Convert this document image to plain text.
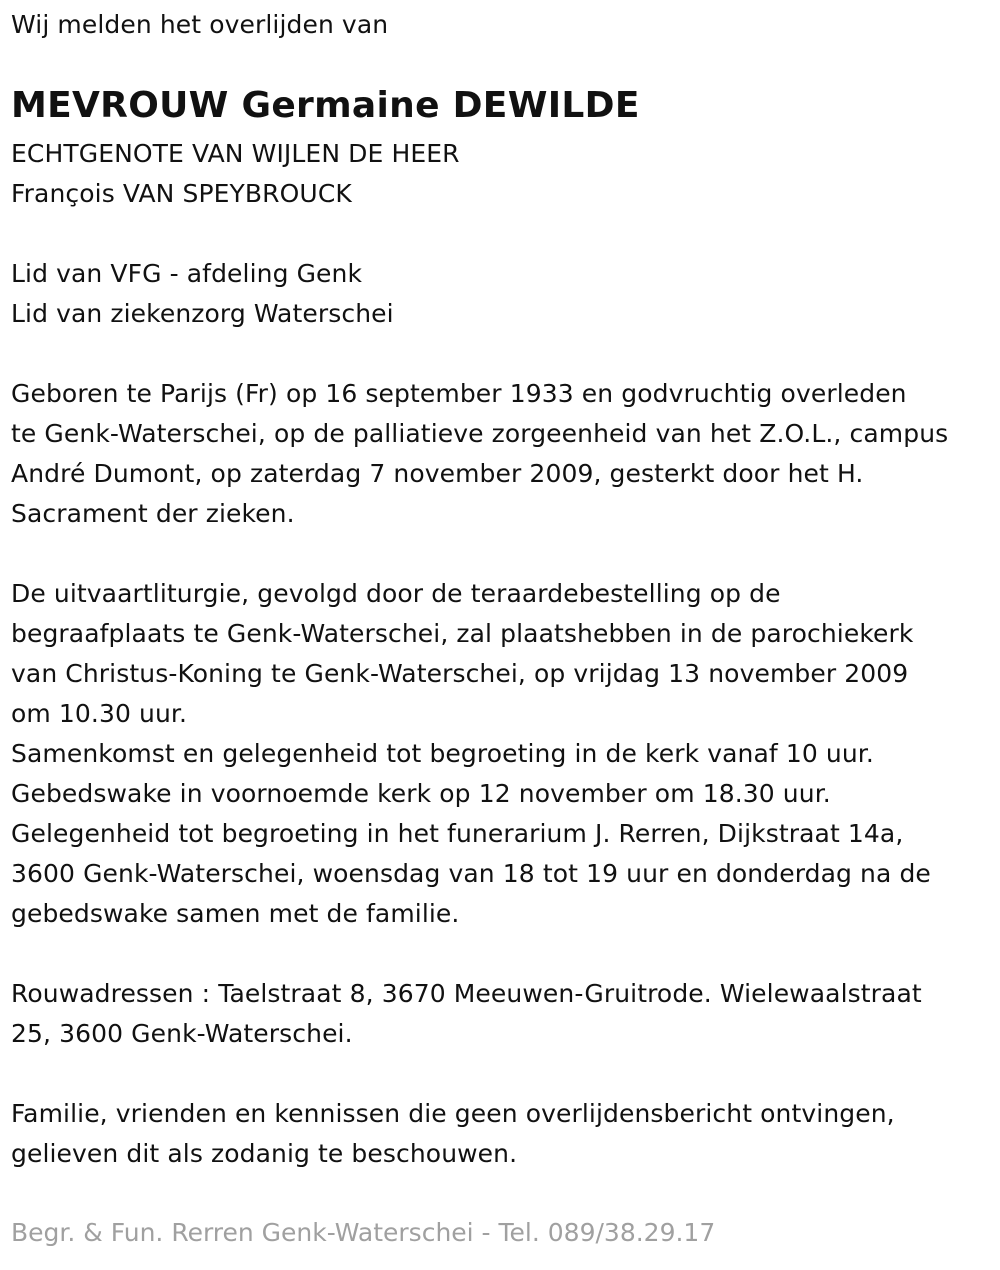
Wij melden het overlijden van
MEVROUW Germaine DEWILDE
ECHTGENOTE VAN WIJLEN DE HEER
François VAN SPEYBROUCK
Lid van VFG - afdeling Genk
Lid van ziekenzorg Waterschei
Geboren te Parijs (Fr) op 16 september 1933 en godvruchtig overleden
te Genk-Waterschei, op de palliatieve zorgeenheid van het Z.O.L., campus
André Dumont, op zaterdag 7 november 2009, gesterkt door het H.
Sacrament der zieken.
De uitvaartliturgie, gevolgd door de teraardebestelling op de
begraafplaats te Genk-Waterschei, zal plaatshebben in de parochiekerk
van Christus-Koning te Genk-Waterschei, op vrijdag 13 november 2009
om 10.30 uur.
Samenkomst en gelegenheid tot begroeting in de kerk vanaf 10 uur.
Gebedswake in voornoemde kerk op 12 november om 18.30 uur.
Gelegenheid tot begroeting in het funerarium J. Rerren, Dijkstraat 14a,
3600 Genk-Waterschei, woensdag van 18 tot 19 uur en donderdag na de
gebedswake samen met de familie.
Rouwadressen : Taelstraat 8, 3670 Meeuwen-Gruitrode. Wielewaalstraat
25, 3600 Genk-Waterschei.
Familie, vrienden en kennissen die geen overlijdensbericht ontvingen,
gelieven dit als zodanig te beschouwen.
Begr. & Fun. Rerren Genk-Waterschei - Tel. 089/38.29.17
